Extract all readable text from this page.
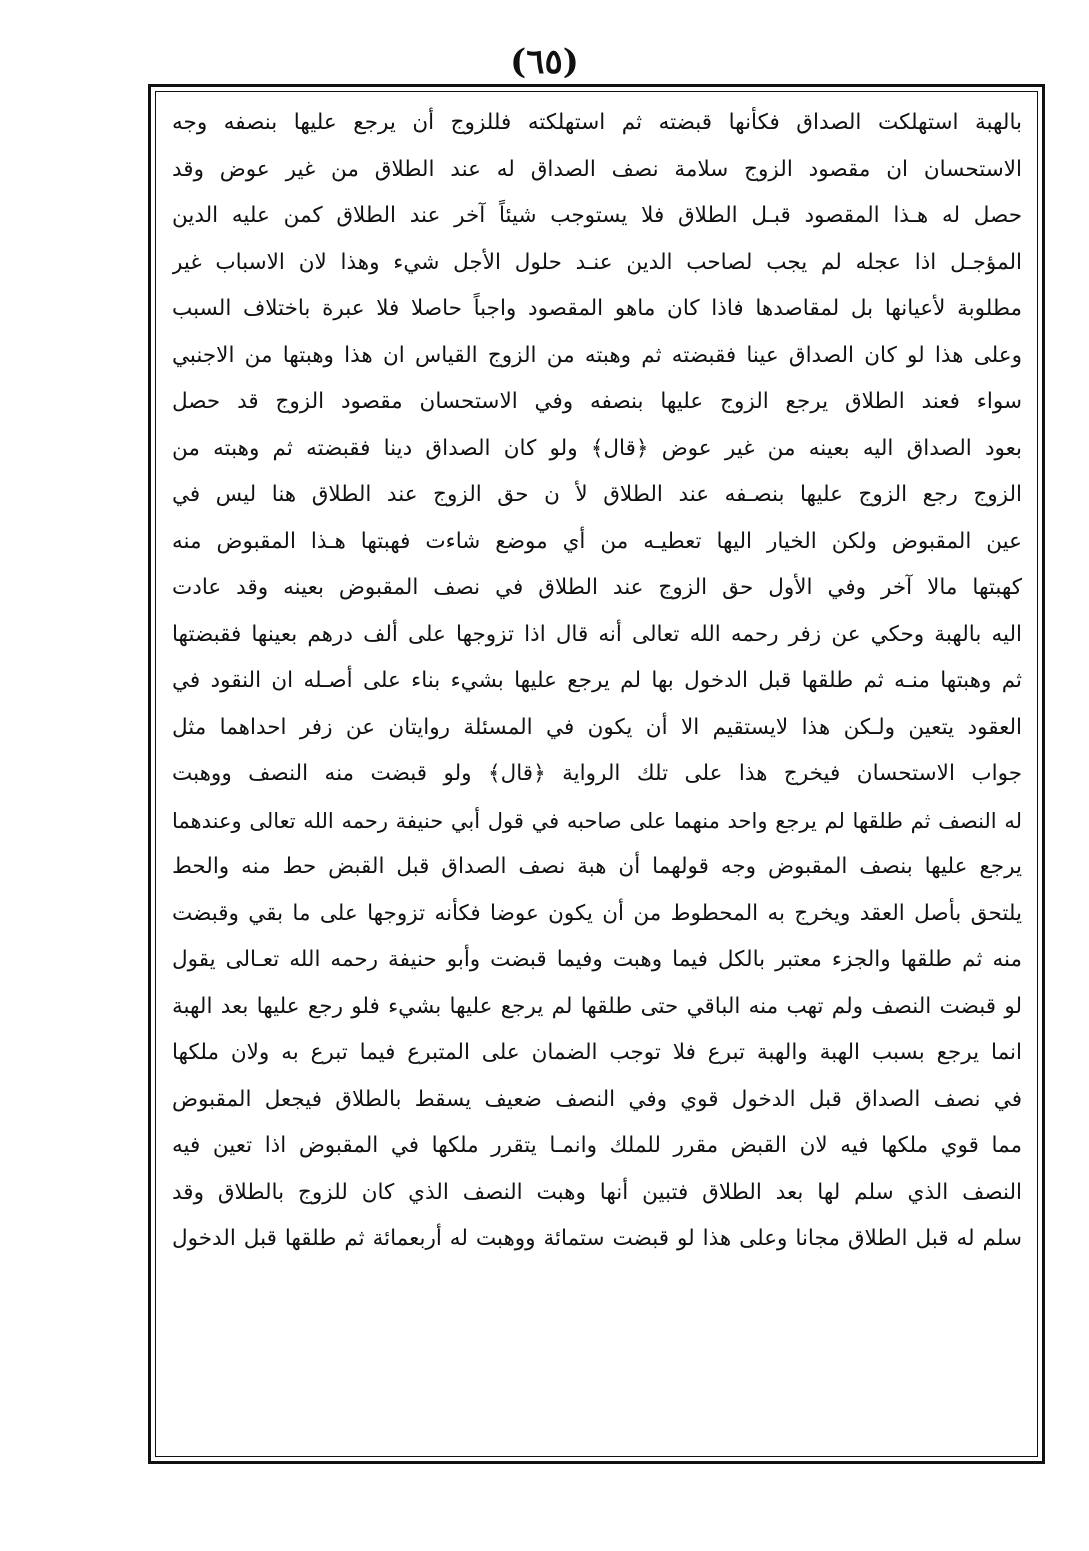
(٦٥)
بالهبة استهلكت الصداق فكأنها قبضته ثم استهلكته فللزوج أن يرجع عليها بنصفه وجه
الاستحسان ان مقصود الزوج سلامة نصف الصداق له عند الطلاق من غير عوض وقد
حصل له هـذا المقصود قبـل الطلاق فلا يستوجب شيئاً آخر عند الطلاق كمن عليه الدين
المؤجـل اذا عجله لم يجب لصاحب الدين عنـد حلول الأجل شيء وهذا لان الاسباب غير
مطلوبة لأعيانها بل لمقاصدها فاذا كان ماهو المقصود واجباً حاصلا فلا عبرة باختلاف السبب
وعلى هذا لو كان الصداق عينا فقبضته ثم وهبته من الزوج القياس ان هذا وهبتها من الاجنبي
سواء فعند الطلاق يرجع الزوج عليها بنصفه وفي الاستحسان مقصود الزوج قد حصل
بعود الصداق اليه بعينه من غير عوض ﴿قال﴾ ولو كان الصداق دينا فقبضته ثم وهبته من
الزوج رجع الزوج عليها بنصـفه عند الطلاق لأ ن حق الزوج عند الطلاق هنا ليس في
عين المقبوض ولكن الخيار اليها تعطيـه من أي موضع شاءت فهبتها هـذا المقبوض منه
كهبتها مالا آخر وفي الأول حق الزوج عند الطلاق في نصف المقبوض بعينه وقد عادت
اليه بالهبة وحكي عن زفر رحمه الله تعالى أنه قال اذا تزوجها على ألف درهم بعينها فقبضتها
ثم وهبتها منـه ثم طلقها قبل الدخول بها لم يرجع عليها بشيء بناء على أصـله ان النقود في
العقود يتعين ولـكن هذا لايستقيم الا أن يكون في المسئلة روايتان عن زفر احداهما مثل
جواب الاستحسان فيخرج هذا على تلك الرواية ﴿قال﴾ ولو قبضت منه النصف ووهبت
له النصف ثم طلقها لم يرجع واحد منهما على صاحبه في قول أبي حنيفة رحمه الله تعالى وعندهما
يرجع عليها بنصف المقبوض وجه قولهما أن هبة نصف الصداق قبل القبض حط منه والحط
يلتحق بأصل العقد ويخرج به المحطوط من أن يكون عوضا فكأنه تزوجها على ما بقي وقبضت
منه ثم طلقها والجزء معتبر بالكل فيما وهبت وفيما قبضت وأبو حنيفة رحمه الله تعـالى يقول
لو قبضت النصف ولم تهب منه الباقي حتى طلقها لم يرجع عليها بشيء فلو رجع عليها بعد الهبة
انما يرجع بسبب الهبة والهبة تبرع فلا توجب الضمان على المتبرع فيما تبرع به ولان ملكها
في نصف الصداق قبل الدخول قوي وفي النصف ضعيف يسقط بالطلاق فيجعل المقبوض
مما قوي ملكها فيه لان القبض مقرر للملك وانمـا يتقرر ملكها في المقبوض اذا تعين فيه
النصف الذي سلم لها بعد الطلاق فتبين أنها وهبت النصف الذي كان للزوج بالطلاق وقد
سلم له قبل الطلاق مجانا وعلى هذا لو قبضت ستمائة ووهبت له أربعمائة ثم طلقها قبل الدخول
